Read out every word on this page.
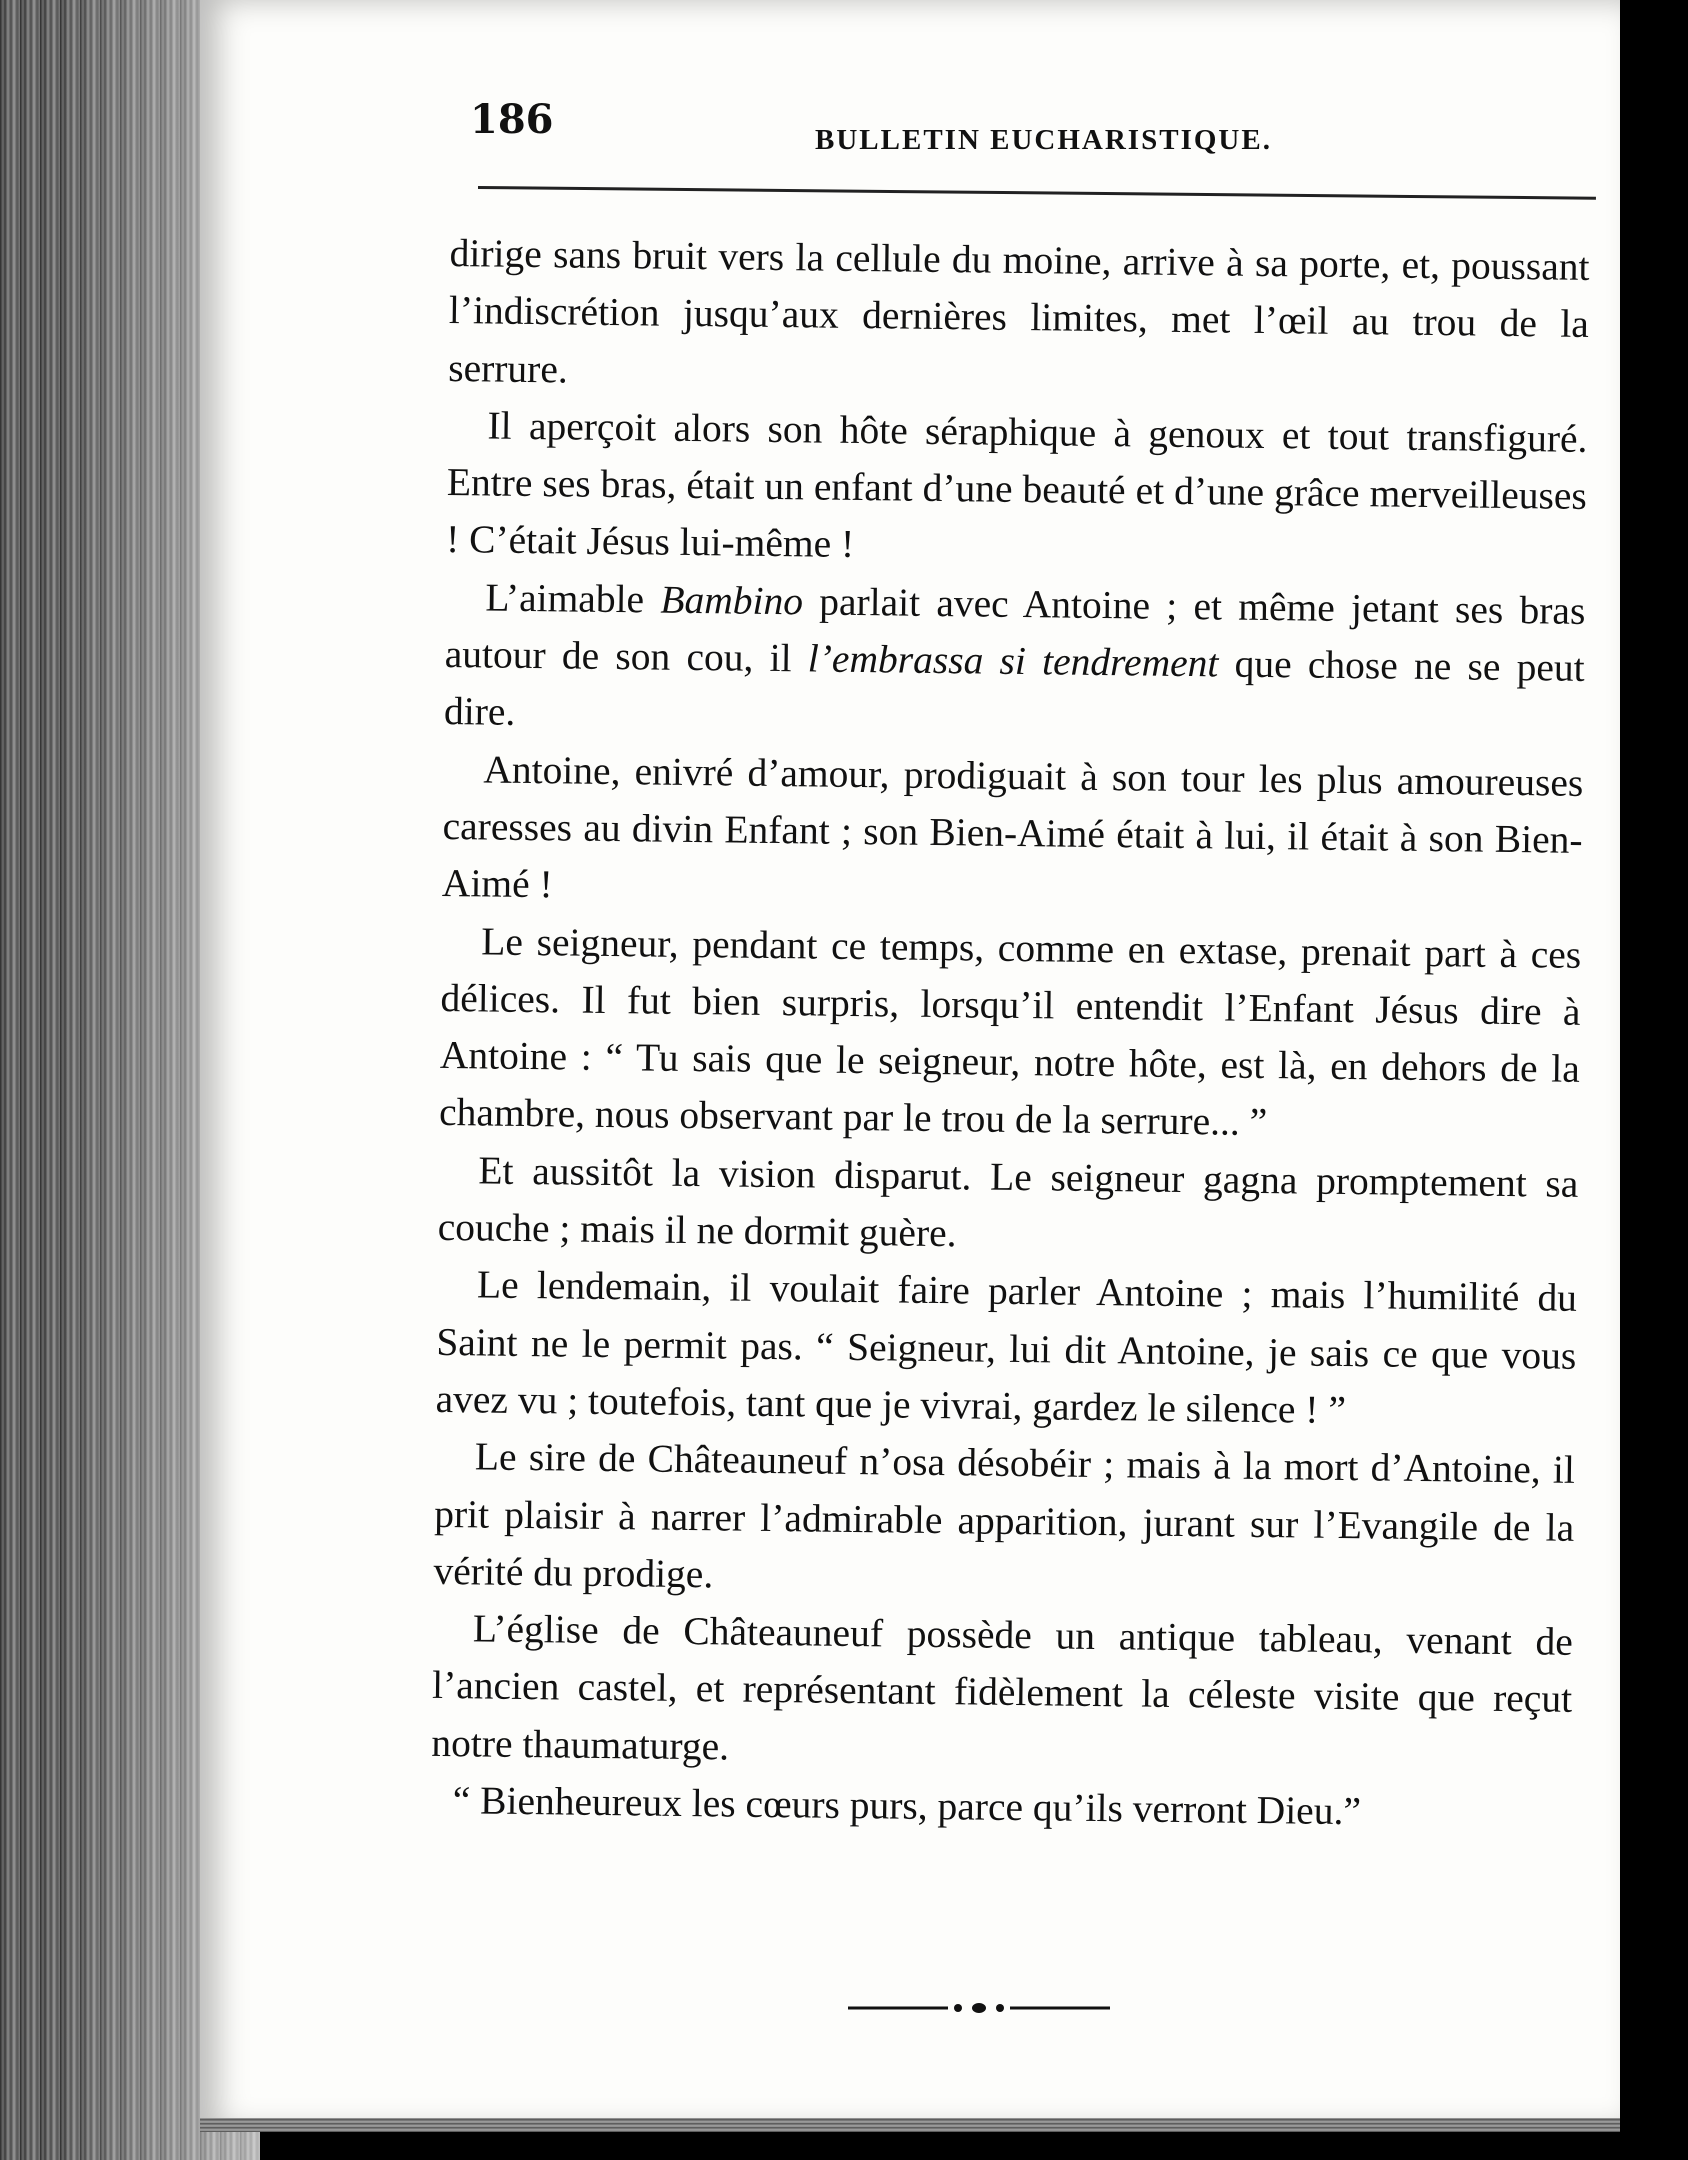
186	BULLETIN EUCHARISTIQUE.

dirige sans bruit vers la cellule du moine, arrive à sa porte, et, poussant l’indiscrétion jusqu’aux dernières limites, met l’œil au trou de la serrure.

Il aperçoit alors son hôte séraphique à genoux et tout transfiguré. Entre ses bras, était un enfant d’une beauté et d’une grâce merveilleuses ! C’était Jésus lui-même !

L’aimable Bambino parlait avec Antoine ; et même jetant ses bras autour de son cou, il l’embrassa si tendrement que chose ne se peut dire.

Antoine, enivré d’amour, prodiguait à son tour les plus amoureuses caresses au divin Enfant ; son Bien-Aimé était à lui, il était à son Bien-Aimé !

Le seigneur, pendant ce temps, comme en extase, prenait part à ces délices. Il fut bien surpris, lorsqu’il entendit l’Enfant Jésus dire à Antoine : “ Tu sais que le seigneur, notre hôte, est là, en dehors de la chambre, nous observant par le trou de la serrure... ”

Et aussitôt la vision disparut. Le seigneur gagna promptement sa couche ; mais il ne dormit guère.

Le lendemain, il voulait faire parler Antoine ; mais l’humilité du Saint ne le permit pas. “ Seigneur, lui dit Antoine, je sais ce que vous avez vu ; toutefois, tant que je vivrai, gardez le silence ! ”

Le sire de Châteauneuf n’osa désobéir ; mais à la mort d’Antoine, il prit plaisir à narrer l’admirable apparition, jurant sur l’Evangile de la vérité du prodige.

L’église de Châteauneuf possède un antique tableau, venant de l’ancien castel, et représentant fidèlement la céleste visite que reçut notre thaumaturge.

“ Bienheureux les cœurs purs, parce qu’ils verront Dieu.”
